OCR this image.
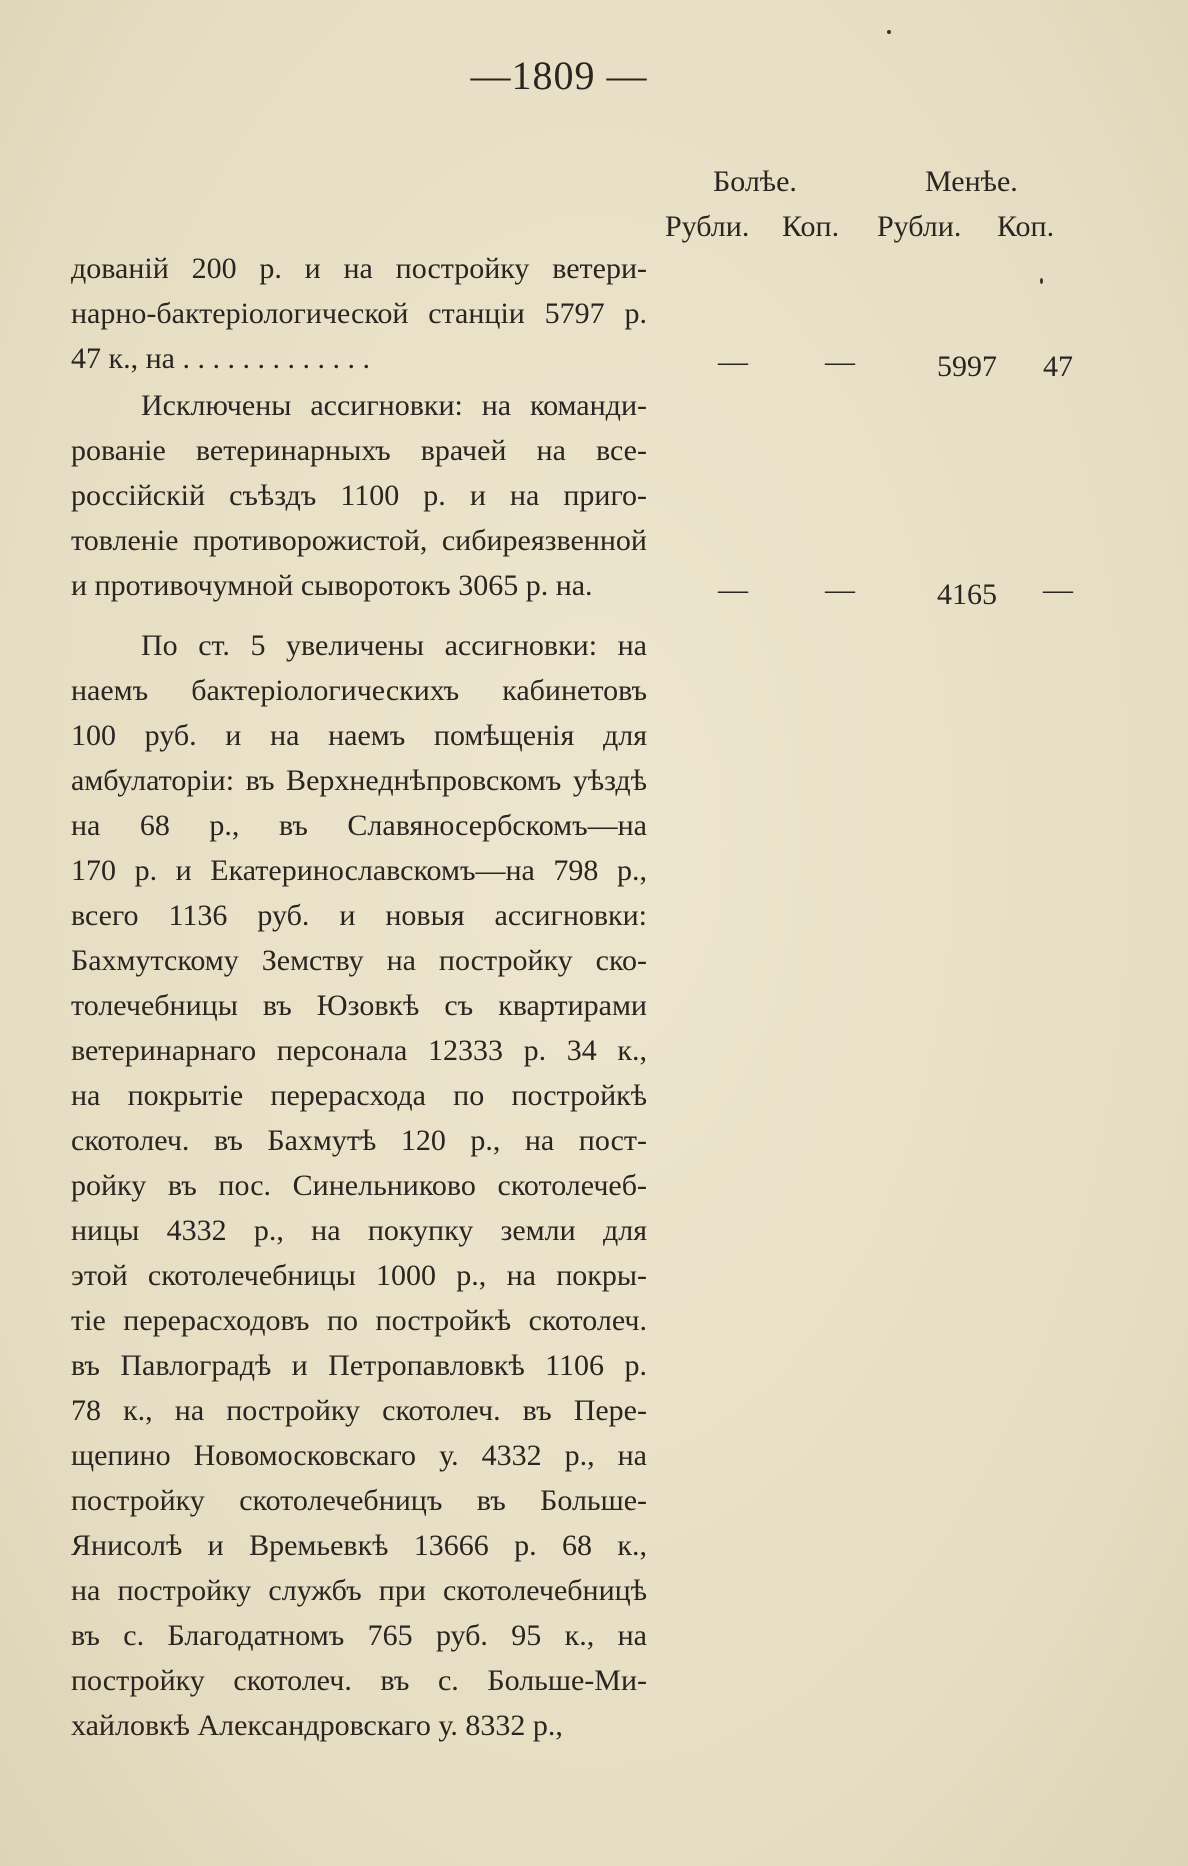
—1809 —
Болѣе.	Менѣе.
Рубли. Коп. Рубли. Коп.
дованій 200 р. и на постройку ветери-
нарно-бактеріологической станціи 5797 р.
47 к., на . . . . . . . . . . . . .	—	—	5997	47
Исключены ассигновки: на команди-
рованіе ветеринарныхъ врачей на все-
россійскій съѣздъ 1100 р. и на приго-
товленіе противорожистой, сибиреязвенной
и противочумной сыворотокъ 3065 р. на.	—	—	4165	—
По ст. 5 увеличены ассигновки: на
наемъ бактеріологическихъ кабинетовъ
100 руб. и на наемъ помѣщенія для
амбулаторіи: въ Верхнеднѣпровскомъ уѣздѣ
на 68 р., въ Славяносербскомъ—на
170 р. и Екатеринославскомъ—на 798 р.,
всего 1136 руб. и новыя ассигновки:
Бахмутскому Земству на постройку ско-
толечебницы въ Юзовкѣ съ квартирами
ветеринарнаго персонала 12333 р. 34 к.,
на покрытіе перерасхода по постройкѣ
скотолеч. въ Бахмутѣ 120 р., на пост-
ройку въ пос. Синельниково скотолечеб-
ницы 4332 р., на покупку земли для
этой скотолечебницы 1000 р., на покры-
тіе перерасходовъ по постройкѣ скотолеч.
въ Павлоградѣ и Петропавловкѣ 1106 р.
78 к., на постройку скотолеч. въ Пере-
щепино Новомосковскаго у. 4332 р., на
постройку скотолечебницъ въ Больше-
Янисолѣ и Времьевкѣ 13666 р. 68 к.,
на постройку службъ при скотолечебницѣ
въ с. Благодатномъ 765 руб. 95 к., на
постройку скотолеч. въ с. Больше-Ми-
хайловкѣ Александровскаго у. 8332 р.,
